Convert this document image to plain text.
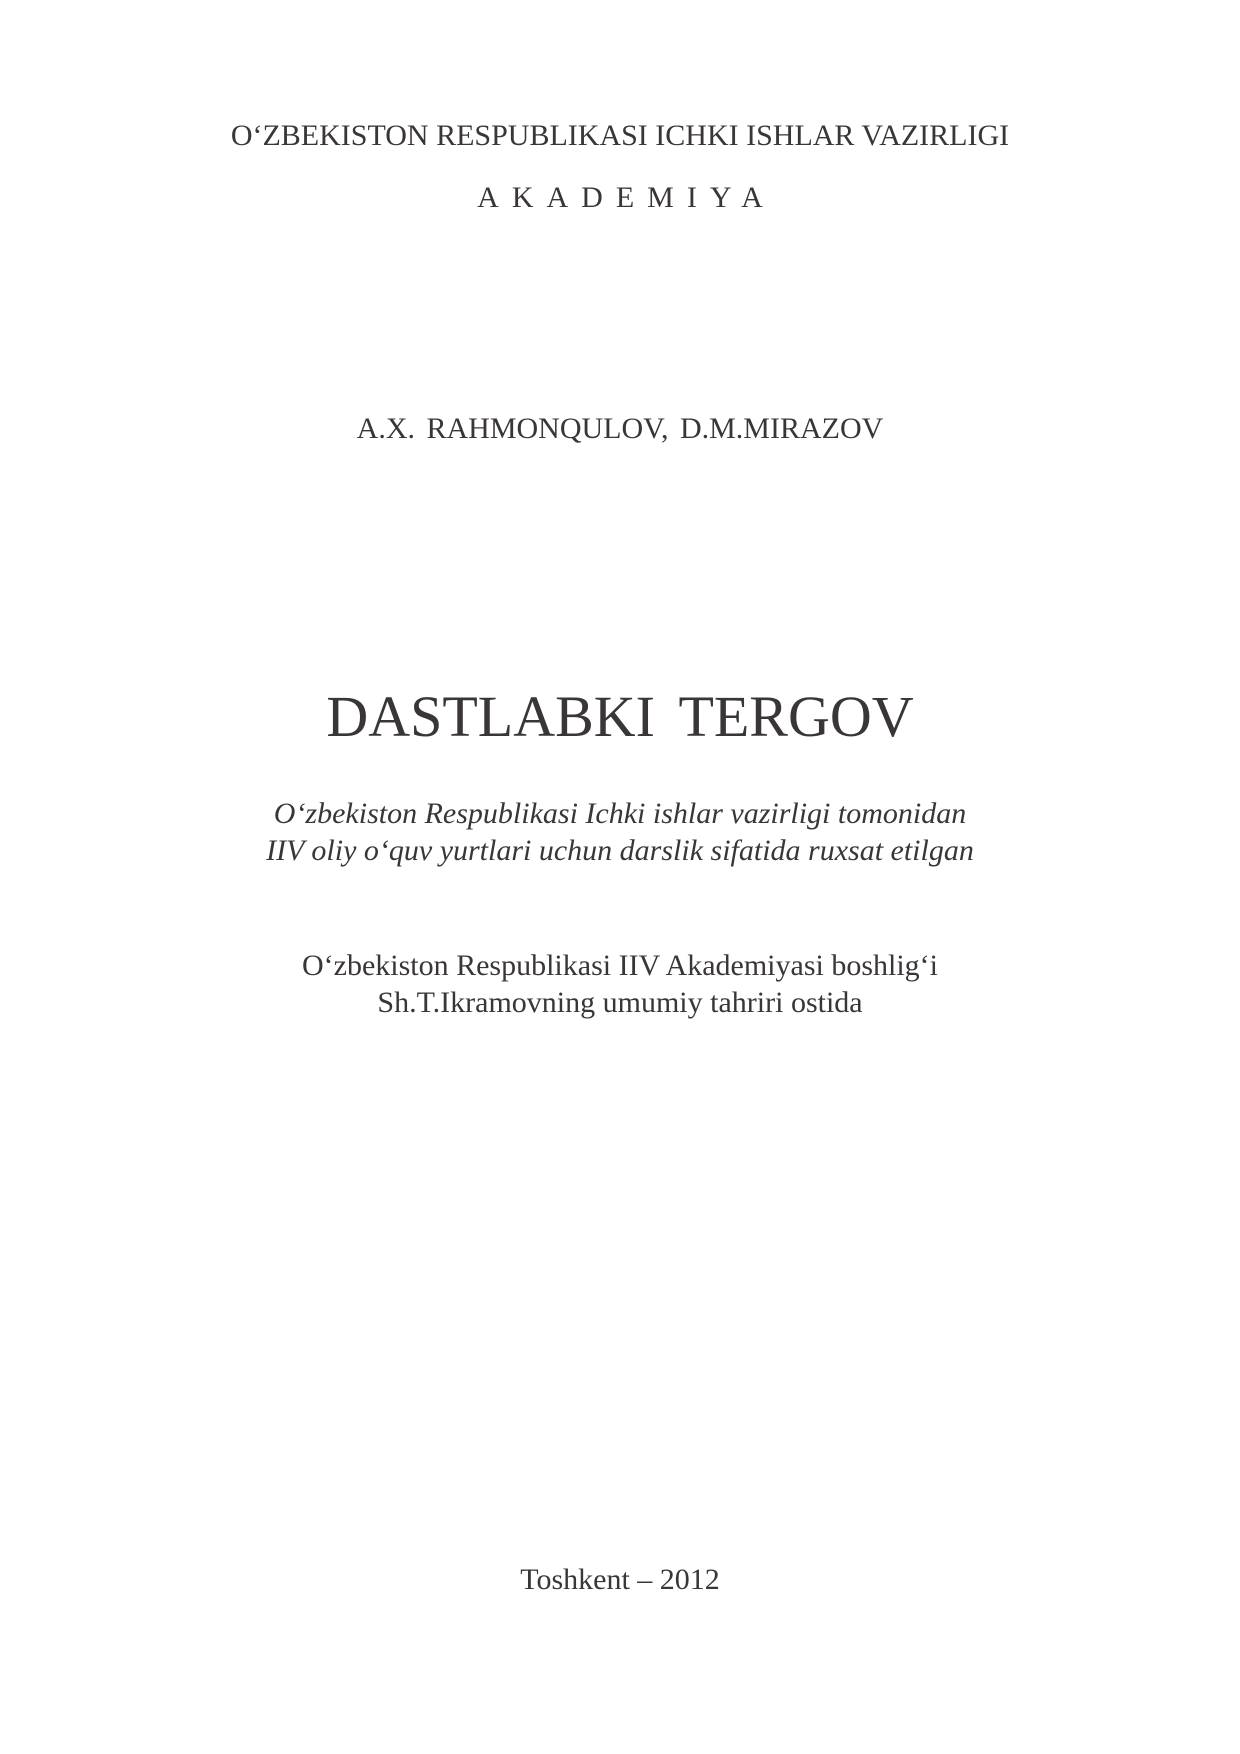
O‘ZBEKISTON RESPUBLIKASI ICHKI ISHLAR VAZIRLIGI
AKADEMIYA
A.X. RAHMONQULOV, D.M.MIRAZOV
DASTLABKI TERGOV
O‘zbekiston Respublikasi Ichki ishlar vazirligi tomonidan
IIV oliy o‘quv yurtlari uchun darslik sifatida ruxsat etilgan
O‘zbekiston Respublikasi IIV Akademiyasi boshlig‘i
Sh.T.Ikramovning umumiy tahriri ostida
Toshkent – 2012
